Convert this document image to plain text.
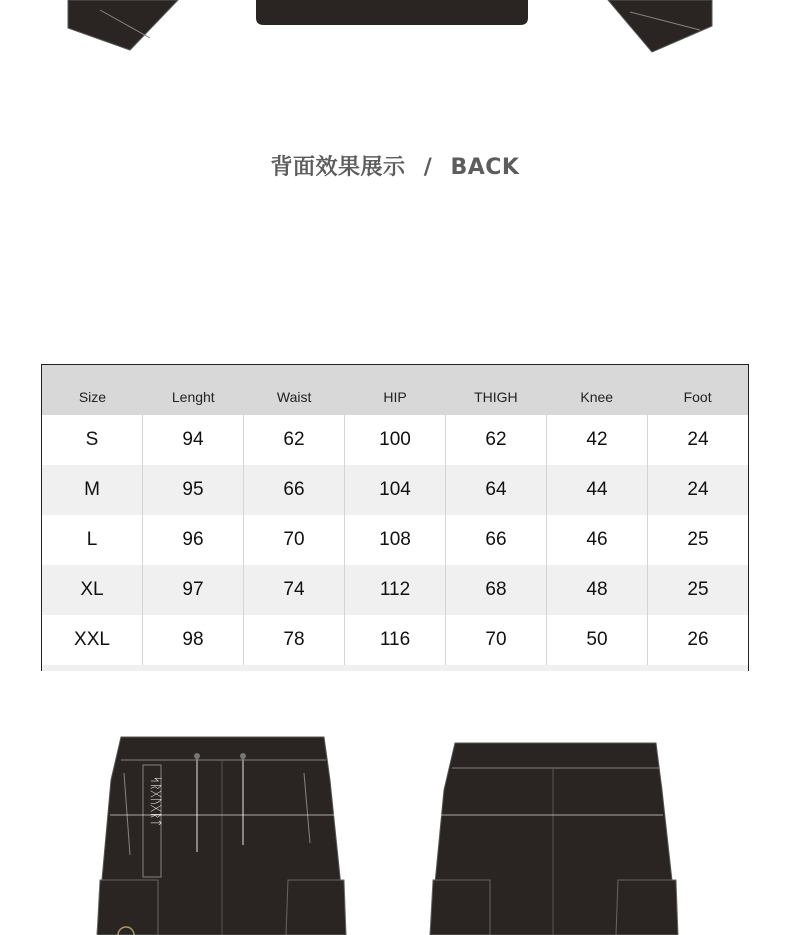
背面效果展示 / BACK
Size	Lenght	Waist	HIP	THIGH	Knee	Foot
S	94	62	100	62	42	24
M	95	66	104	64	44	24
L	96	70	108	66	46	25
XL	97	74	112	68	48	25
XXL	98	78	116	70	50	26
ᛋᚱᚷᚢᚷᚱᛏ
